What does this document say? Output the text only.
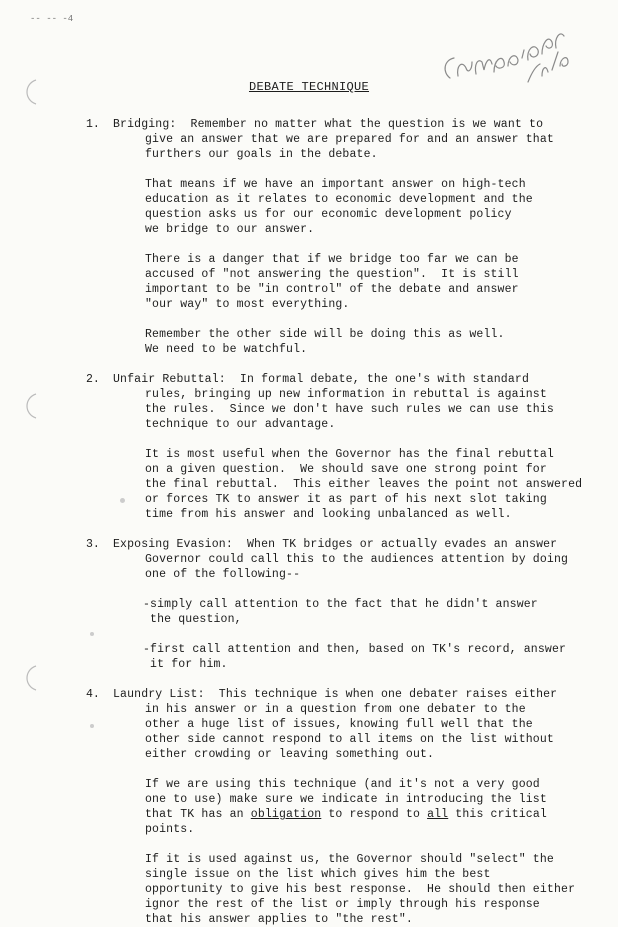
-- -- -4
DEBATE TECHNIQUE
1.	Bridging:  Remember no matter what the question is we want to

give an answer that we are prepared for and an answer that

furthers our goals in the debate.

That means if we have an important answer on high-tech

education as it relates to economic development and the

question asks us for our economic development policy

we bridge to our answer.

There is a danger that if we bridge too far we can be

accused of "not answering the question".  It is still

important to be "in control" of the debate and answer

"our way" to most everything.

Remember the other side will be doing this as well.

We need to be watchful.

2.	Unfair Rebuttal:  In formal debate, the one's with standard

rules, bringing up new information in rebuttal is against

the rules.  Since we don't have such rules we can use this

technique to our advantage.

It is most useful when the Governor has the final rebuttal

on a given question.  We should save one strong point for

the final rebuttal.  This either leaves the point not answered

or forces TK to answer it as part of his next slot taking

time from his answer and looking unbalanced as well.

3.	Exposing Evasion:  When TK bridges or actually evades an answer

Governor could call this to the audiences attention by doing

one of the following--

-simply call attention to the fact that he didn't answer

the question,

-first call attention and then, based on TK's record, answer

it for him.

4.	Laundry List:  This technique is when one debater raises either

in his answer or in a question from one debater to the

other a huge list of issues, knowing full well that the

other side cannot respond to all items on the list without

either crowding or leaving something out.

If we are using this technique (and it's not a very good

one to use) make sure we indicate in introducing the list

that TK has an obligation to respond to all this critical

points.

If it is used against us, the Governor should "select" the

single issue on the list which gives him the best

opportunity to give his best response.  He should then either

ignor the rest of the list or imply through his response

that his answer applies to "the rest".
